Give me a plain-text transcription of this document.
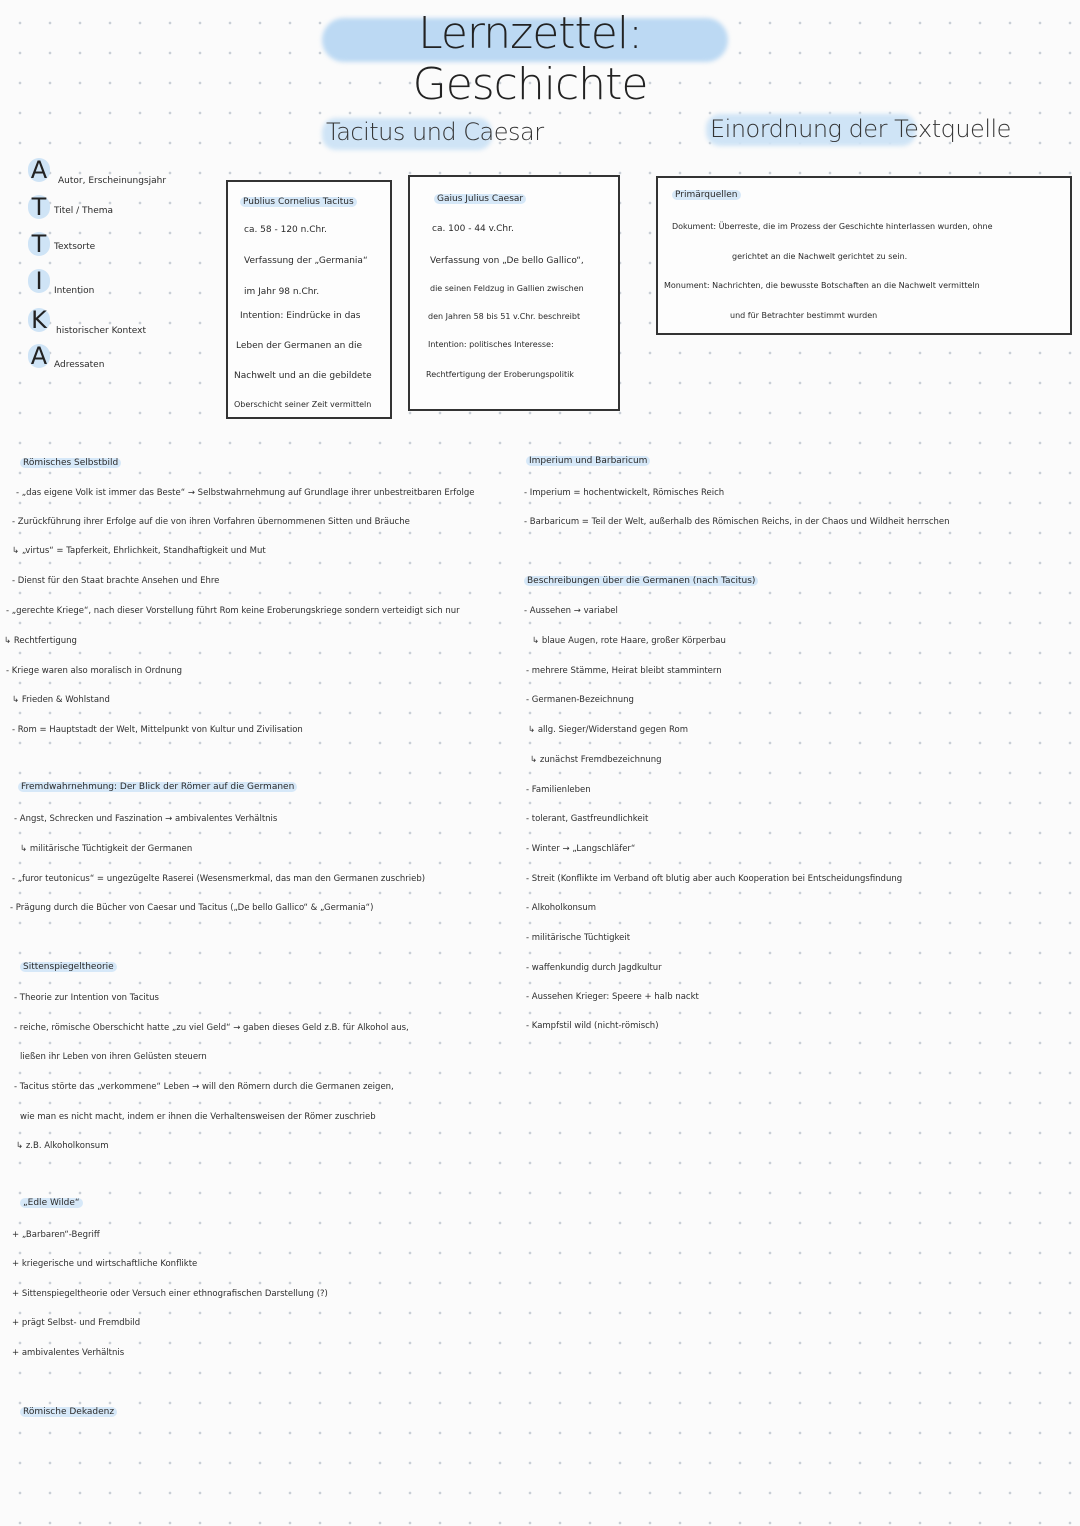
Lernzettel: Geschichte
Tacitus und Caesar	Einordnung der Textquelle
A	Autor, Erscheinungsjahr
T Titel / Thema
T Textsorte
I	Intention
K	historischer Kontext
A Adressaten
Publius Cornelius Tacitus
ca. 58 - 120 n.Chr.
Verfassung der „Germania“
im Jahr 98 n.Chr.
Intention: Eindrücke in das
Leben der Germanen an die
Nachwelt und an die gebildete
Oberschicht seiner Zeit vermitteln
Gaius Julius Caesar
ca. 100 - 44 v.Chr.
Verfassung von „De bello Gallico“,
die seinen Feldzug in Gallien zwischen
den Jahren 58 bis 51 v.Chr. beschreibt
Intention: politisches Interesse:
Rechtfertigung der Eroberungspolitik
Primärquellen
Dokument: Überreste, die im Prozess der Geschichte hinterlassen wurden, ohne
gerichtet an die Nachwelt gerichtet zu sein.
Monument: Nachrichten, die bewusste Botschaften an die Nachwelt vermitteln
und für Betrachter bestimmt wurden
Römisches Selbstbild
- „das eigene Volk ist immer das Beste“ → Selbstwahrnehmung auf Grundlage ihrer unbestreitbaren Erfolge
- Zurückführung ihrer Erfolge auf die von ihren Vorfahren übernommenen Sitten und Bräuche
↳ „virtus“ = Tapferkeit, Ehrlichkeit, Standhaftigkeit und Mut
- Dienst für den Staat brachte Ansehen und Ehre
- „gerechte Kriege“, nach dieser Vorstellung führt Rom keine Eroberungskriege sondern verteidigt sich nur
↳ Rechtfertigung
- Kriege waren also moralisch in Ordnung
↳ Frieden & Wohlstand
- Rom = Hauptstadt der Welt, Mittelpunkt von Kultur und Zivilisation
Fremdwahrnehmung: Der Blick der Römer auf die Germanen
- Angst, Schrecken und Faszination → ambivalentes Verhältnis
↳ militärische Tüchtigkeit der Germanen
- „furor teutonicus“ = ungezügelte Raserei (Wesensmerkmal, das man den Germanen zuschrieb)
- Prägung durch die Bücher von Caesar und Tacitus („De bello Gallico“ & „Germania“)
Sittenspiegeltheorie
- Theorie zur Intention von Tacitus
- reiche, römische Oberschicht hatte „zu viel Geld“ → gaben dieses Geld z.B. für Alkohol aus,
ließen ihr Leben von ihren Gelüsten steuern
- Tacitus störte das „verkommene“ Leben → will den Römern durch die Germanen zeigen,
wie man es nicht macht, indem er ihnen die Verhaltensweisen der Römer zuschrieb
↳ z.B. Alkoholkonsum
„Edle Wilde“
+ „Barbaren“-Begriff
+ kriegerische und wirtschaftliche Konflikte
+ Sittenspiegeltheorie oder Versuch einer ethnografischen Darstellung (?)
+ prägt Selbst- und Fremdbild
+ ambivalentes Verhältnis
Römische Dekadenz
Imperium und Barbaricum
- Imperium = hochentwickelt, Römisches Reich
- Barbaricum = Teil der Welt, außerhalb des Römischen Reichs, in der Chaos und Wildheit herrschen
Beschreibungen über die Germanen (nach Tacitus)
- Aussehen → variabel
↳ blaue Augen, rote Haare, großer Körperbau
- mehrere Stämme, Heirat bleibt stammintern
- Germanen-Bezeichnung
↳ allg. Sieger/Widerstand gegen Rom
↳ zunächst Fremdbezeichnung
- Familienleben
- tolerant, Gastfreundlichkeit
- Winter → „Langschläfer“
- Streit (Konflikte im Verband oft blutig aber auch Kooperation bei Entscheidungsfindung
- Alkoholkonsum
- militärische Tüchtigkeit
- waffenkundig durch Jagdkultur
- Aussehen Krieger: Speere + halb nackt
- Kampfstil wild (nicht-römisch)
